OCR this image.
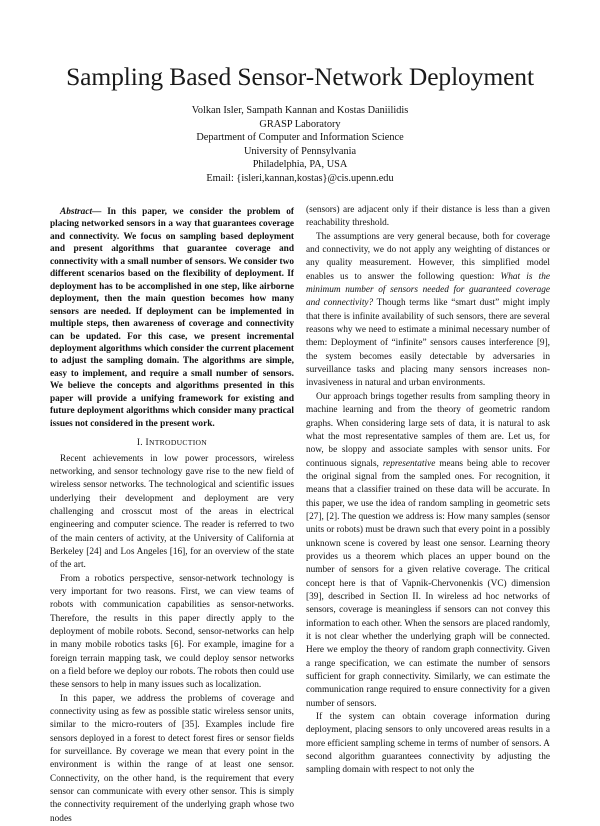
Sampling Based Sensor-Network Deployment
Volkan Isler, Sampath Kannan and Kostas Daniilidis
GRASP Laboratory
Department of Computer and Information Science
University of Pennsylvania
Philadelphia, PA, USA
Email: {isleri,kannan,kostas}@cis.upenn.edu

Abstract— In this paper, we consider the problem of placing networked sensors in a way that guarantees coverage and connectivity. We focus on sampling based deployment and present algorithms that guarantee coverage and connectivity with a small number of sensors. We consider two different scenarios based on the flexibility of deployment. If deployment has to be accomplished in one step, like airborne deployment, then the main question becomes how many sensors are needed. If deployment can be implemented in multiple steps, then awareness of coverage and connectivity can be updated. For this case, we present incremental deployment algorithms which consider the current placement to adjust the sampling domain. The algorithms are simple, easy to implement, and require a small number of sensors. We believe the concepts and algorithms presented in this paper will provide a unifying framework for existing and future deployment algorithms which consider many practical issues not considered in the present work.

I. INTRODUCTION

Recent achievements in low power processors, wireless networking, and sensor technology gave rise to the new field of wireless sensor networks. The technological and scientific issues underlying their development and deployment are very challenging and crosscut most of the areas in electrical engineering and computer science. The reader is referred to two of the main centers of activity, at the University of California at Berkeley [24] and Los Angeles [16], for an overview of the state of the art.

From a robotics perspective, sensor-network technology is very important for two reasons. First, we can view teams of robots with communication capabilities as sensor-networks. Therefore, the results in this paper directly apply to the deployment of mobile robots. Second, sensor-networks can help in many mobile robotics tasks [6]. For example, imagine for a foreign terrain mapping task, we could deploy sensor networks on a field before we deploy our robots. The robots then could use these sensors to help in many issues such as localization.

In this paper, we address the problems of coverage and connectivity using as few as possible static wireless sensor units, similar to the micro-routers of [35]. Examples include fire sensors deployed in a forest to detect forest fires or sensor fields for surveillance. By coverage we mean that every point in the environment is within the range of at least one sensor. Connectivity, on the other hand, is the requirement that every sensor can communicate with every other sensor. This is simply the connectivity requirement of the underlying graph whose two nodes

(sensors) are adjacent only if their distance is less than a given reachability threshold.

The assumptions are very general because, both for coverage and connectivity, we do not apply any weighting of distances or any quality measurement. However, this simplified model enables us to answer the following question: What is the minimum number of sensors needed for guaranteed coverage and connectivity? Though terms like “smart dust” might imply that there is infinite availability of such sensors, there are several reasons why we need to estimate a minimal necessary number of them: Deployment of “infinite” sensors causes interference [9], the system becomes easily detectable by adversaries in surveillance tasks and placing many sensors increases non-invasiveness in natural and urban environments.

Our approach brings together results from sampling theory in machine learning and from the theory of geometric random graphs. When considering large sets of data, it is natural to ask what the most representative samples of them are. Let us, for now, be sloppy and associate samples with sensor units. For continuous signals, representative means being able to recover the original signal from the sampled ones. For recognition, it means that a classifier trained on these data will be accurate. In this paper, we use the idea of random sampling in geometric sets [27], [2]. The question we address is: How many samples (sensor units or robots) must be drawn such that every point in a possibly unknown scene is covered by least one sensor. Learning theory provides us a theorem which places an upper bound on the number of sensors for a given relative coverage. The critical concept here is that of Vapnik-Chervonenkis (VC) dimension [39], described in Section II. In wireless ad hoc networks of sensors, coverage is meaningless if sensors can not convey this information to each other. When the sensors are placed randomly, it is not clear whether the underlying graph will be connected. Here we employ the theory of random graph connectivity. Given a range specification, we can estimate the number of sensors sufficient for graph connectivity. Similarly, we can estimate the communication range required to ensure connectivity for a given number of sensors.

If the system can obtain coverage information during deployment, placing sensors to only uncovered areas results in a more efficient sampling scheme in terms of number of sensors. A second algorithm guarantees connectivity by adjusting the sampling domain with respect to not only the
